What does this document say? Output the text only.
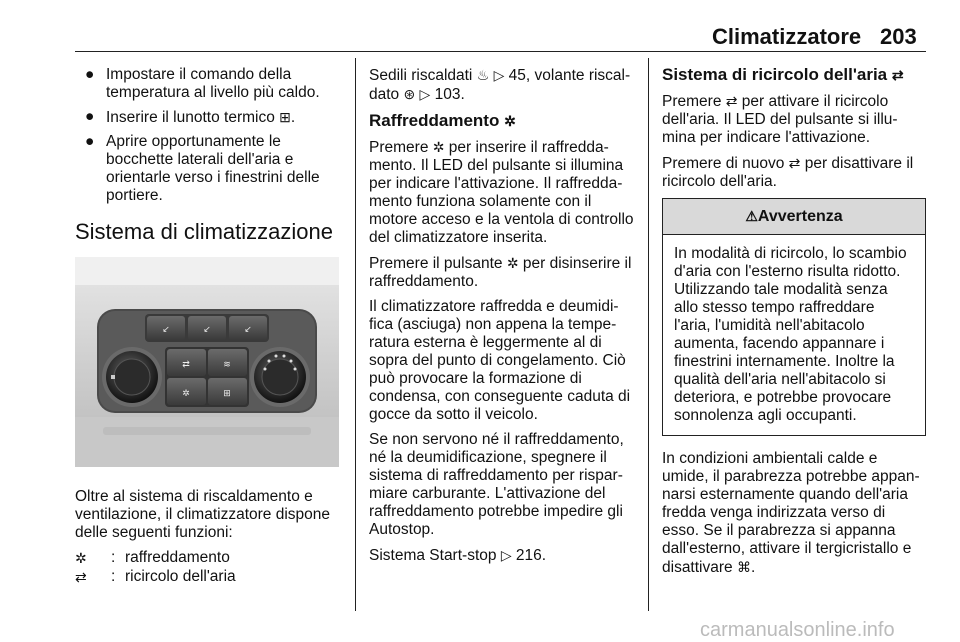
Climatizzatore 203
● Impostare il comando della temperatura al livello più caldo.
● Inserire il lunotto termico ⊞.
● Aprire opportunamente le bocchette laterali dell'aria e orientarle verso i finestrini delle portiere.
Sistema di climatizzazione
↙	↙	↙
⇄	≋
✲	⊞

Oltre al sistema di riscaldamento e ventilazione, il climatizzatore dispone delle seguenti funzioni:

✲	: raffreddamento
⇄	: ricircolo dell'aria

Sedili riscaldati ♨ ▷ 45, volante riscal-dato ⊛ ▷ 103.

Raffreddamento ✲

Premere ✲ per inserire il raffredda-mento. Il LED del pulsante si illumina per indicare l'attivazione. Il raffredda-mento funziona solamente con il motore acceso e la ventola di controllo del climatizzatore inserita.

Premere il pulsante ✲ per disinserire il raffreddamento.

Il climatizzatore raffredda e deumidi-fica (asciuga) non appena la tempe-ratura esterna è leggermente al di sopra del punto di congelamento. Ciò può provocare la formazione di condensa, con conseguente caduta di gocce da sotto il veicolo.

Se non servono né il raffreddamento, né la deumidificazione, spegnere il sistema di raffreddamento per rispar-miare carburante. L'attivazione del raffreddamento potrebbe impedire gli Autostop.

Sistema Start-stop ▷ 216.

Sistema di ricircolo dell'aria ⇄

Premere ⇄ per attivare il ricircolo dell'aria. Il LED del pulsante si illu-mina per indicare l'attivazione.

Premere di nuovo ⇄ per disattivare il ricircolo dell'aria.

⚠Avvertenza
In modalità di ricircolo, lo scambio d'aria con l'esterno risulta ridotto. Utilizzando tale modalità senza allo stesso tempo raffreddare l'aria, l'umidità nell'abitacolo aumenta, facendo appannare i finestrini internamente. Inoltre la qualità dell'aria nell'abitacolo si deteriora, e potrebbe provocare sonnolenza agli occupanti.

In condizioni ambientali calde e umide, il parabrezza potrebbe appan-narsi esternamente quando dell'aria fredda venga indirizzata verso di esso. Se il parabrezza si appanna dall'esterno, attivare il tergicristallo e disattivare ⌘.

carmanualsonline.info
